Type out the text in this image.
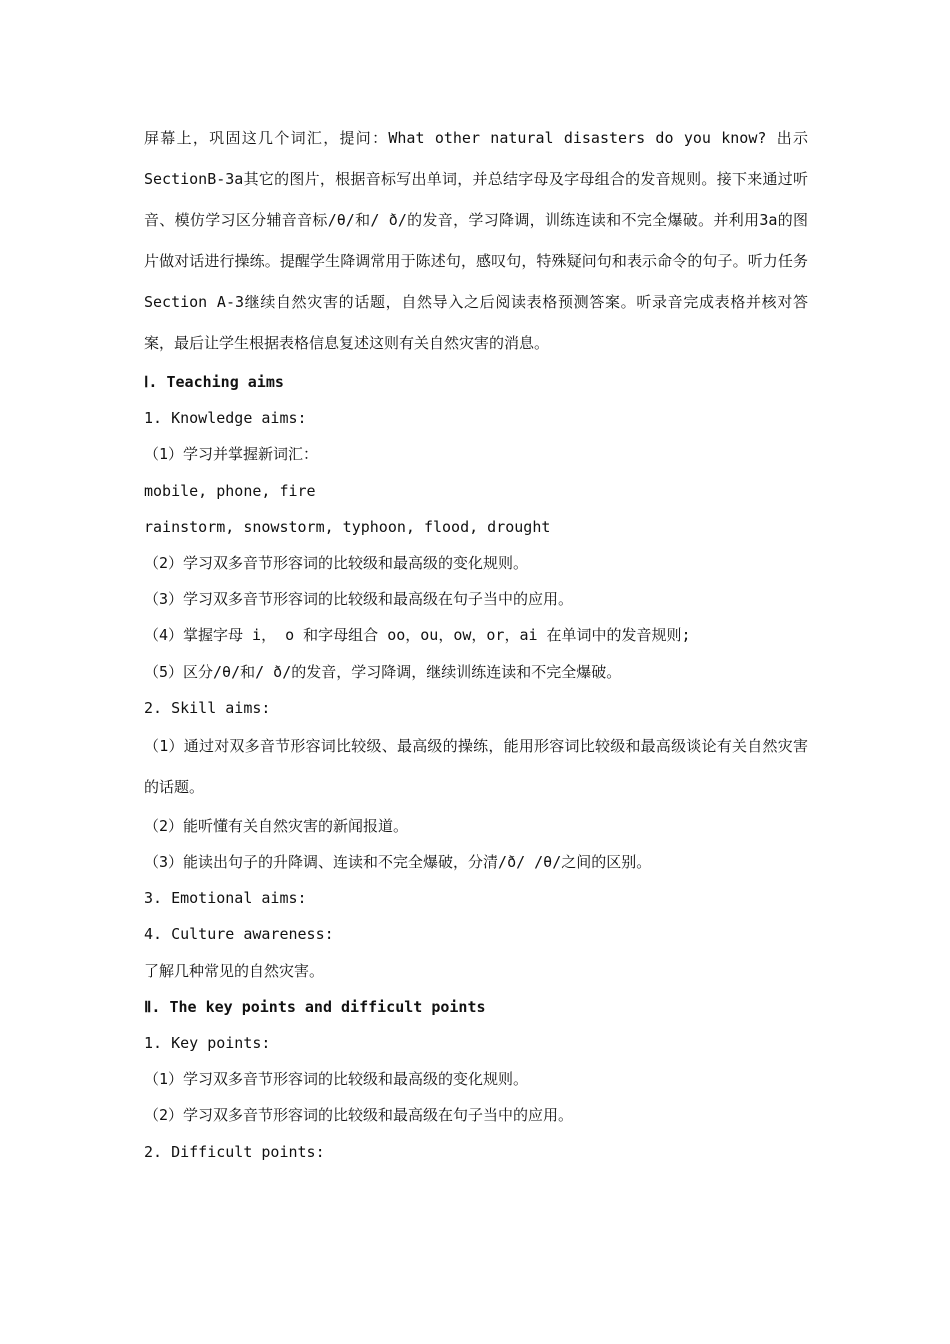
屏幕上，巩固这几个词汇，提问：What other natural disasters do you know? 出示SectionB-3a其它的图片，根据音标写出单词，并总结字母及字母组合的发音规则。接下来通过听音、模仿学习区分辅音音标/θ/和/ ð/的发音，学习降调，训练连读和不完全爆破。并利用3a的图片做对话进行操练。提醒学生降调常用于陈述句，感叹句，特殊疑问句和表示命令的句子。听力任务Section A-3继续自然灾害的话题，自然导入之后阅读表格预测答案。听录音完成表格并核对答案，最后让学生根据表格信息复述这则有关自然灾害的消息。

Ⅰ. Teaching aims
1. Knowledge aims:
（1）学习并掌握新词汇：
mobile, phone, fire
rainstorm, snowstorm, typhoon, flood, drought
（2）学习双多音节形容词的比较级和最高级的变化规则。
（3）学习双多音节形容词的比较级和最高级在句子当中的应用。
（4）掌握字母 i， o 和字母组合 oo，ou，ow，or，ai 在单词中的发音规则;
（5）区分/θ/和/ ð/的发音，学习降调，继续训练连读和不完全爆破。
2. Skill aims:

（1）通过对双多音节形容词比较级、最高级的操练，能用形容词比较级和最高级谈论有关自然灾害的话题。

（2）能听懂有关自然灾害的新闻报道。
（3）能读出句子的升降调、连读和不完全爆破，分清/ð/ /θ/之间的区别。
3. Emotional aims:
4. Culture awareness:
了解几种常见的自然灾害。
Ⅱ. The key points and difficult points
1. Key points:
（1）学习双多音节形容词的比较级和最高级的变化规则。
（2）学习双多音节形容词的比较级和最高级在句子当中的应用。
2. Difficult points:
